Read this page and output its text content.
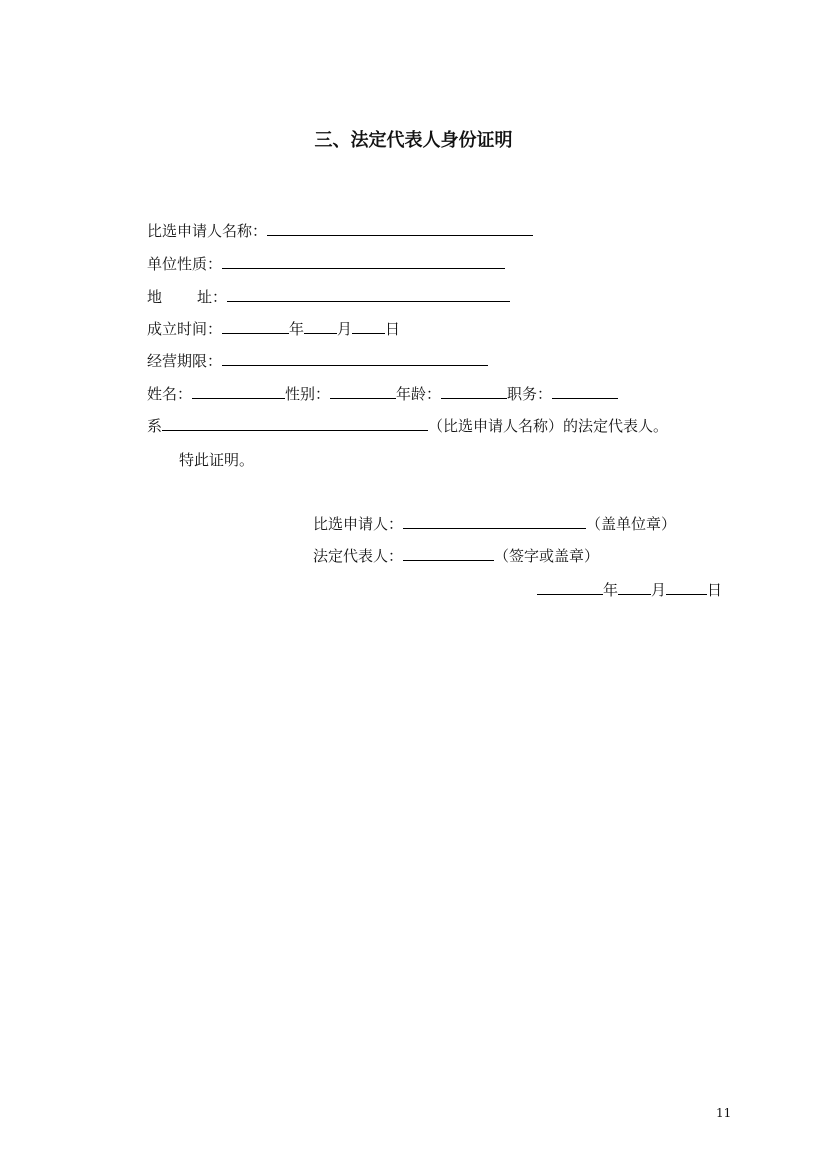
三、法定代表人身份证明
比选申请人名称：
单位性质：
地 址：
成立时间：	年 月 日
经营期限：
姓名：	性别：	年龄：	职务：
系	（比选申请人名称）的法定代表人。
特此证明。
比选申请人：	（盖单位章）
法定代表人：	（签字或盖章）
年 月	日
11
